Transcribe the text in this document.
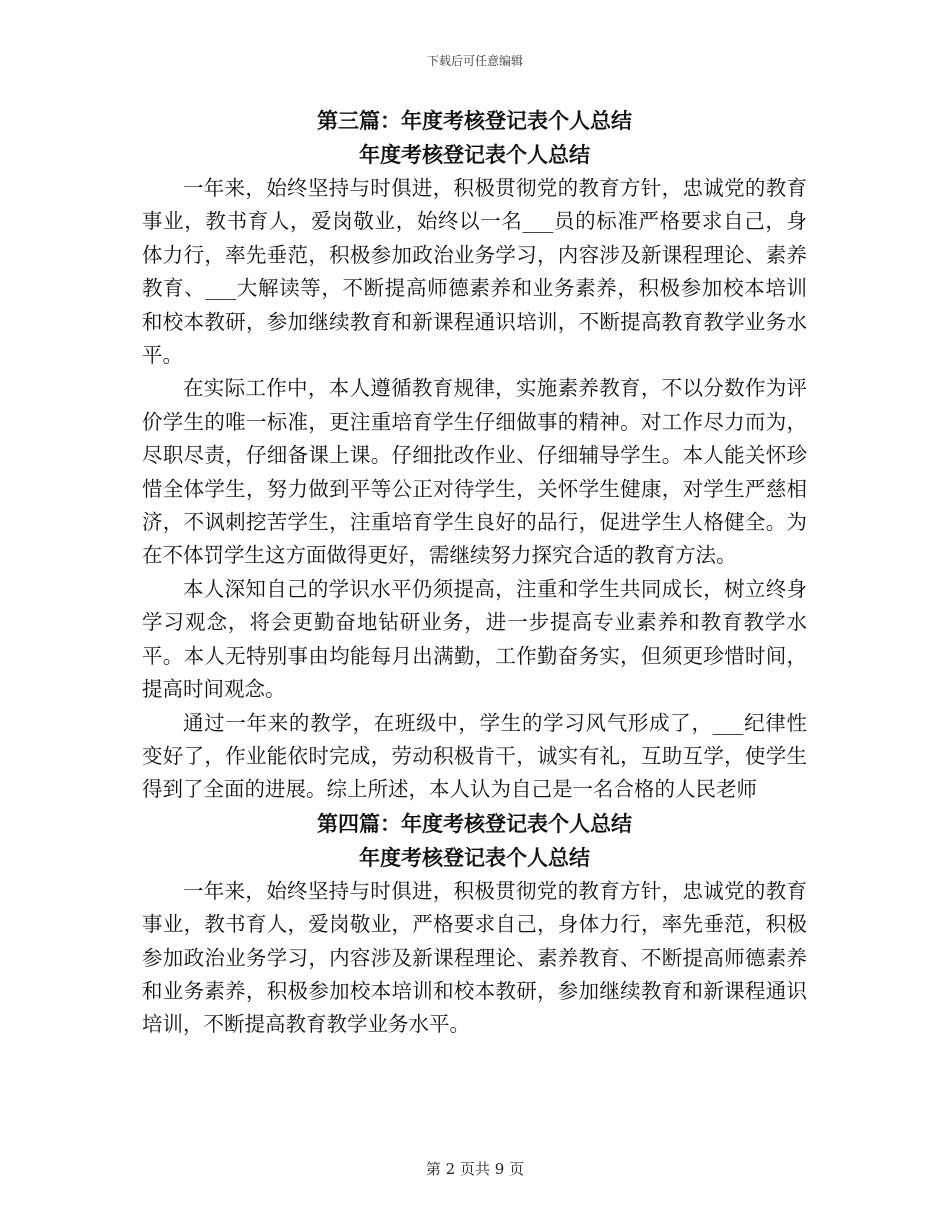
下载后可任意编辑
第三篇：年度考核登记表个人总结
年度考核登记表个人总结

一年来，始终坚持与时俱进，积极贯彻党的教育方针，忠诚党的教育事业，教书育人，爱岗敬业，始终以一名___员的标准严格要求自己，身体力行，率先垂范，积极参加政治业务学习，内容涉及新课程理论、素养教育、___大解读等，不断提高师德素养和业务素养，积极参加校本培训和校本教研，参加继续教育和新课程通识培训，不断提高教育教学业务水平。

在实际工作中，本人遵循教育规律，实施素养教育，不以分数作为评价学生的唯一标准，更注重培育学生仔细做事的精神。对工作尽力而为，尽职尽责，仔细备课上课。仔细批改作业、仔细辅导学生。本人能关怀珍惜全体学生，努力做到平等公正对待学生，关怀学生健康，对学生严慈相济，不讽刺挖苦学生，注重培育学生良好的品行，促进学生人格健全。为在不体罚学生这方面做得更好，需继续努力探究合适的教育方法。

本人深知自己的学识水平仍须提高，注重和学生共同成长，树立终身学习观念，将会更勤奋地钻研业务，进一步提高专业素养和教育教学水平。本人无特别事由均能每月出满勤，工作勤奋务实，但须更珍惜时间，提高时间观念。

通过一年来的教学，在班级中，学生的学习风气形成了，___纪律性变好了，作业能依时完成，劳动积极肯干，诚实有礼，互助互学，使学生得到了全面的进展。综上所述，本人认为自己是一名合格的人民老师

第四篇：年度考核登记表个人总结
年度考核登记表个人总结

一年来，始终坚持与时俱进，积极贯彻党的教育方针，忠诚党的教育事业，教书育人，爱岗敬业，严格要求自己，身体力行，率先垂范，积极参加政治业务学习，内容涉及新课程理论、素养教育、不断提高师德素养和业务素养，积极参加校本培训和校本教研，参加继续教育和新课程通识培训，不断提高教育教学业务水平。

第 2 页共 9 页
